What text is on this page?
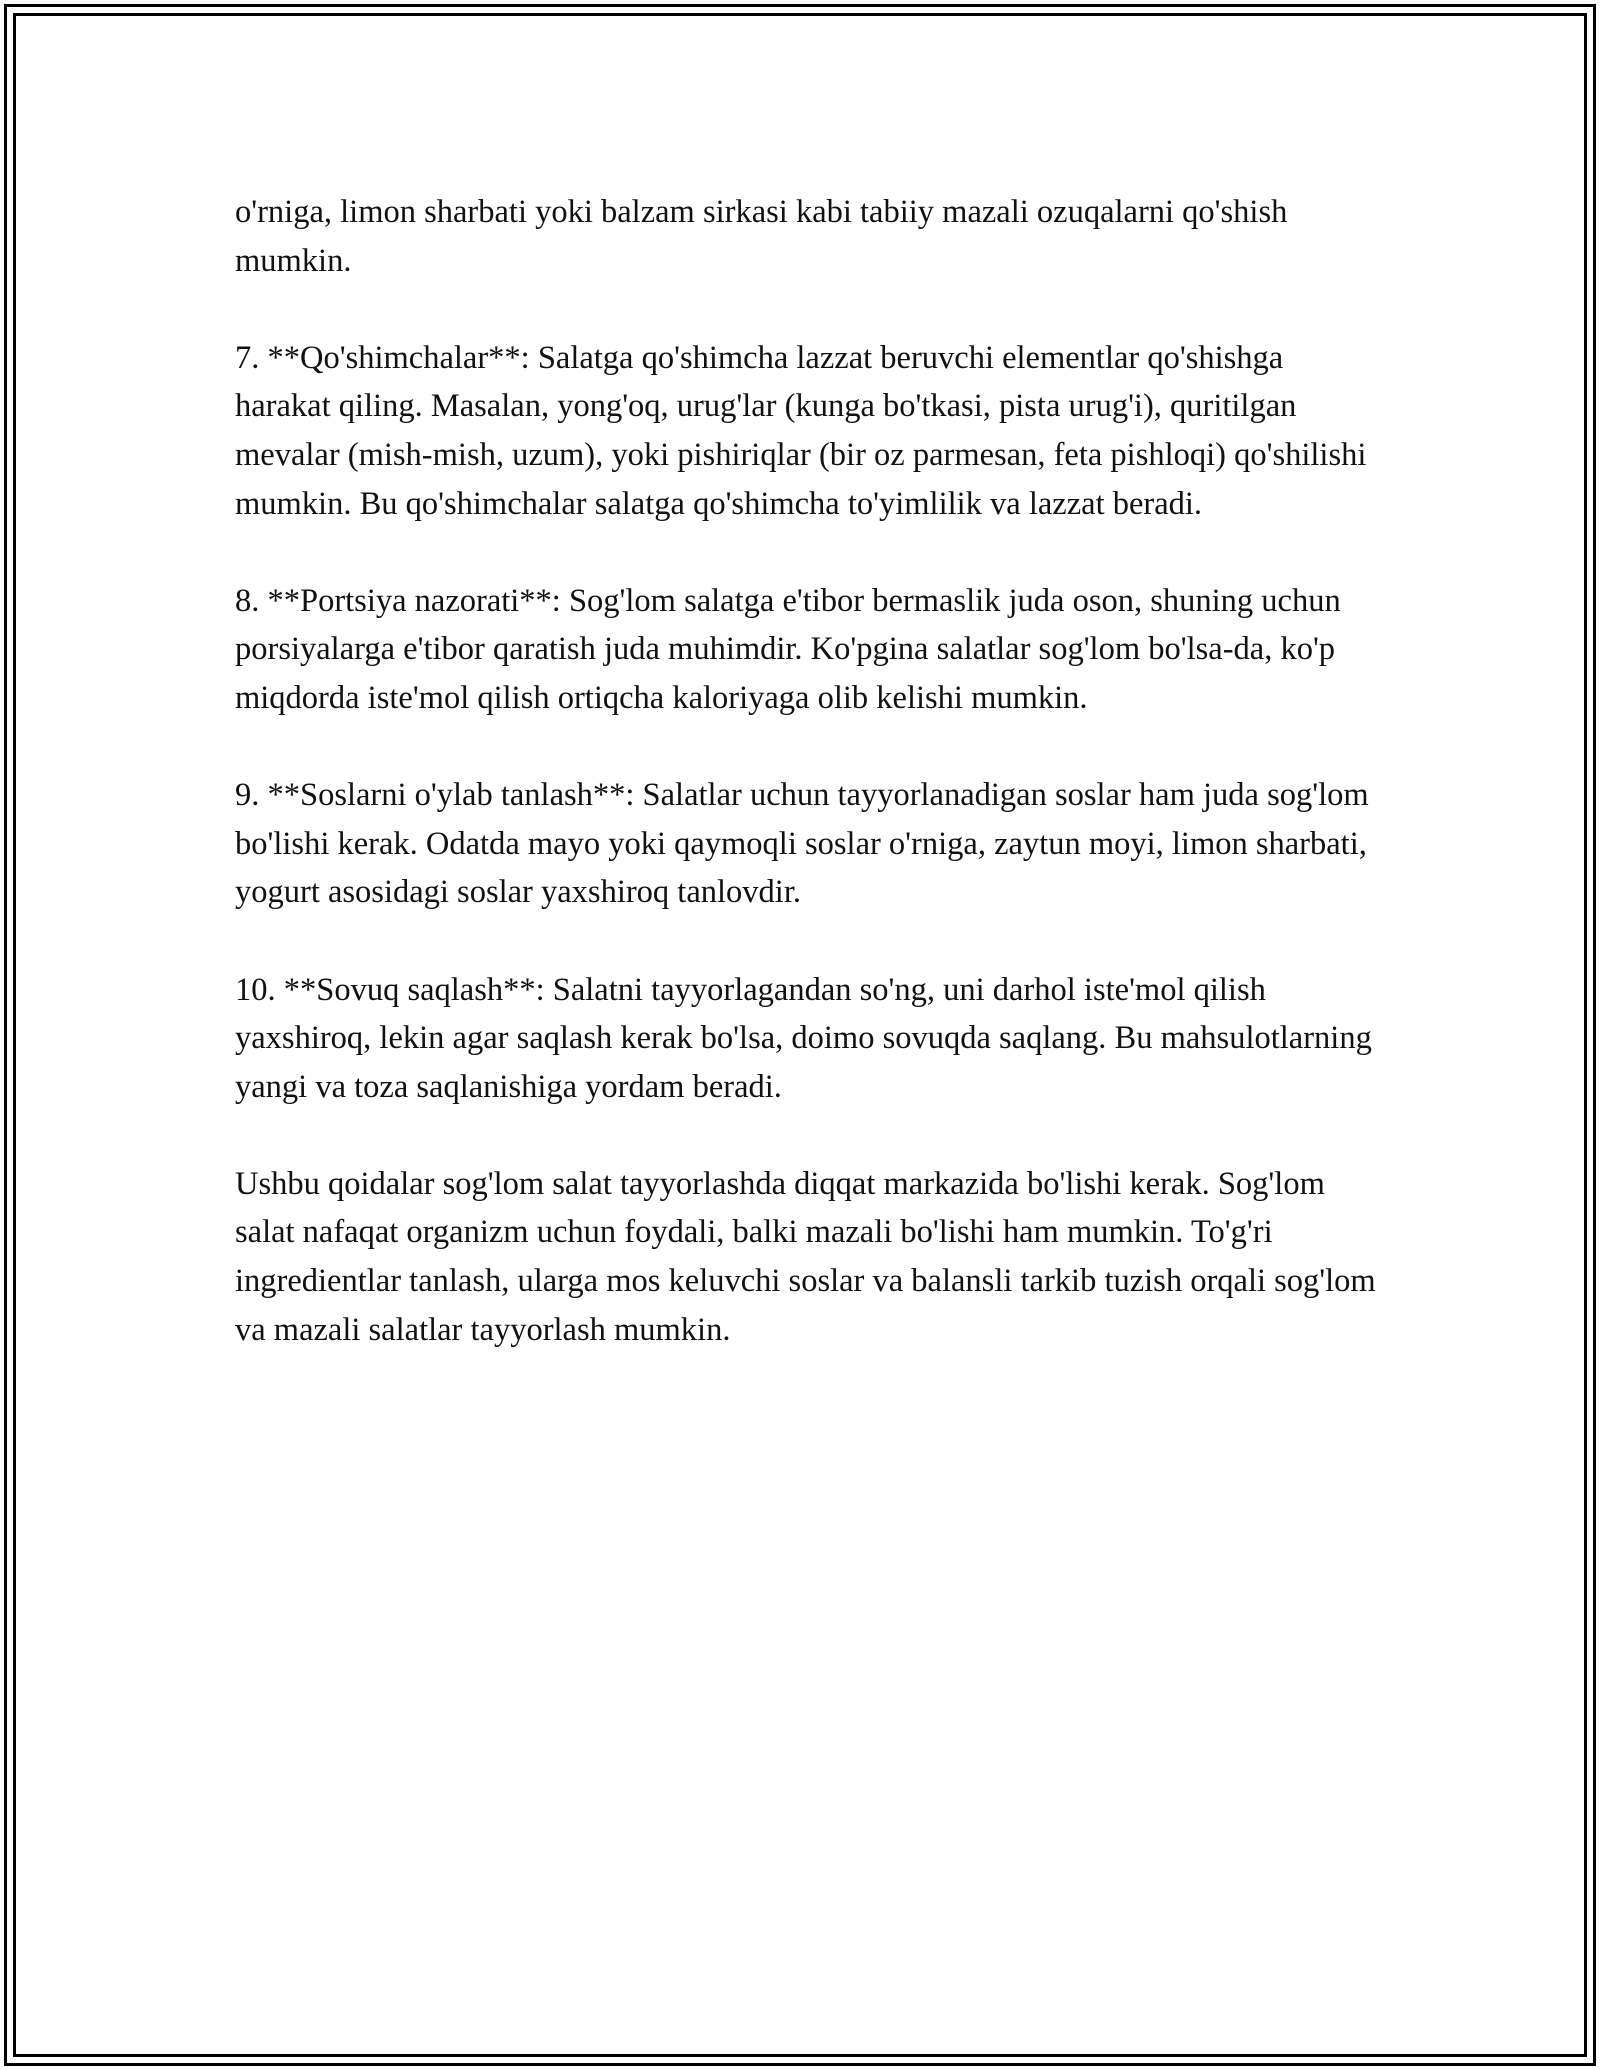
o'rniga, limon sharbati yoki balzam sirkasi kabi tabiiy mazali ozuqalarni qo'shish mumkin.

7. **Qo'shimchalar**: Salatga qo'shimcha lazzat beruvchi elementlar qo'shishga harakat qiling. Masalan, yong'oq, urug'lar (kunga bo'tkasi, pista urug'i), quritilgan mevalar (mish-mish, uzum), yoki pishiriqlar (bir oz parmesan, feta pishloqi) qo'shilishi mumkin. Bu qo'shimchalar salatga qo'shimcha to'yimlilik va lazzat beradi.

8. **Portsiya nazorati**: Sog'lom salatga e'tibor bermaslik juda oson, shuning uchun porsiyalarga e'tibor qaratish juda muhimdir. Ko'pgina salatlar sog'lom bo'lsa-da, ko'p miqdorda iste'mol qilish ortiqcha kaloriyaga olib kelishi mumkin.

9. **Soslarni o'ylab tanlash**: Salatlar uchun tayyorlanadigan soslar ham juda sog'lom bo'lishi kerak. Odatda mayo yoki qaymoqli soslar o'rniga, zaytun moyi, limon sharbati, yogurt asosidagi soslar yaxshiroq tanlovdir.

10. **Sovuq saqlash**: Salatni tayyorlagandan so'ng, uni darhol iste'mol qilish yaxshiroq, lekin agar saqlash kerak bo'lsa, doimo sovuqda saqlang. Bu mahsulotlarning yangi va toza saqlanishiga yordam beradi.

Ushbu qoidalar sog'lom salat tayyorlashda diqqat markazida bo'lishi kerak. Sog'lom salat nafaqat organizm uchun foydali, balki mazali bo'lishi ham mumkin. To'g'ri ingredientlar tanlash, ularga mos keluvchi soslar va balansli tarkib tuzish orqali sog'lom va mazali salatlar tayyorlash mumkin.
